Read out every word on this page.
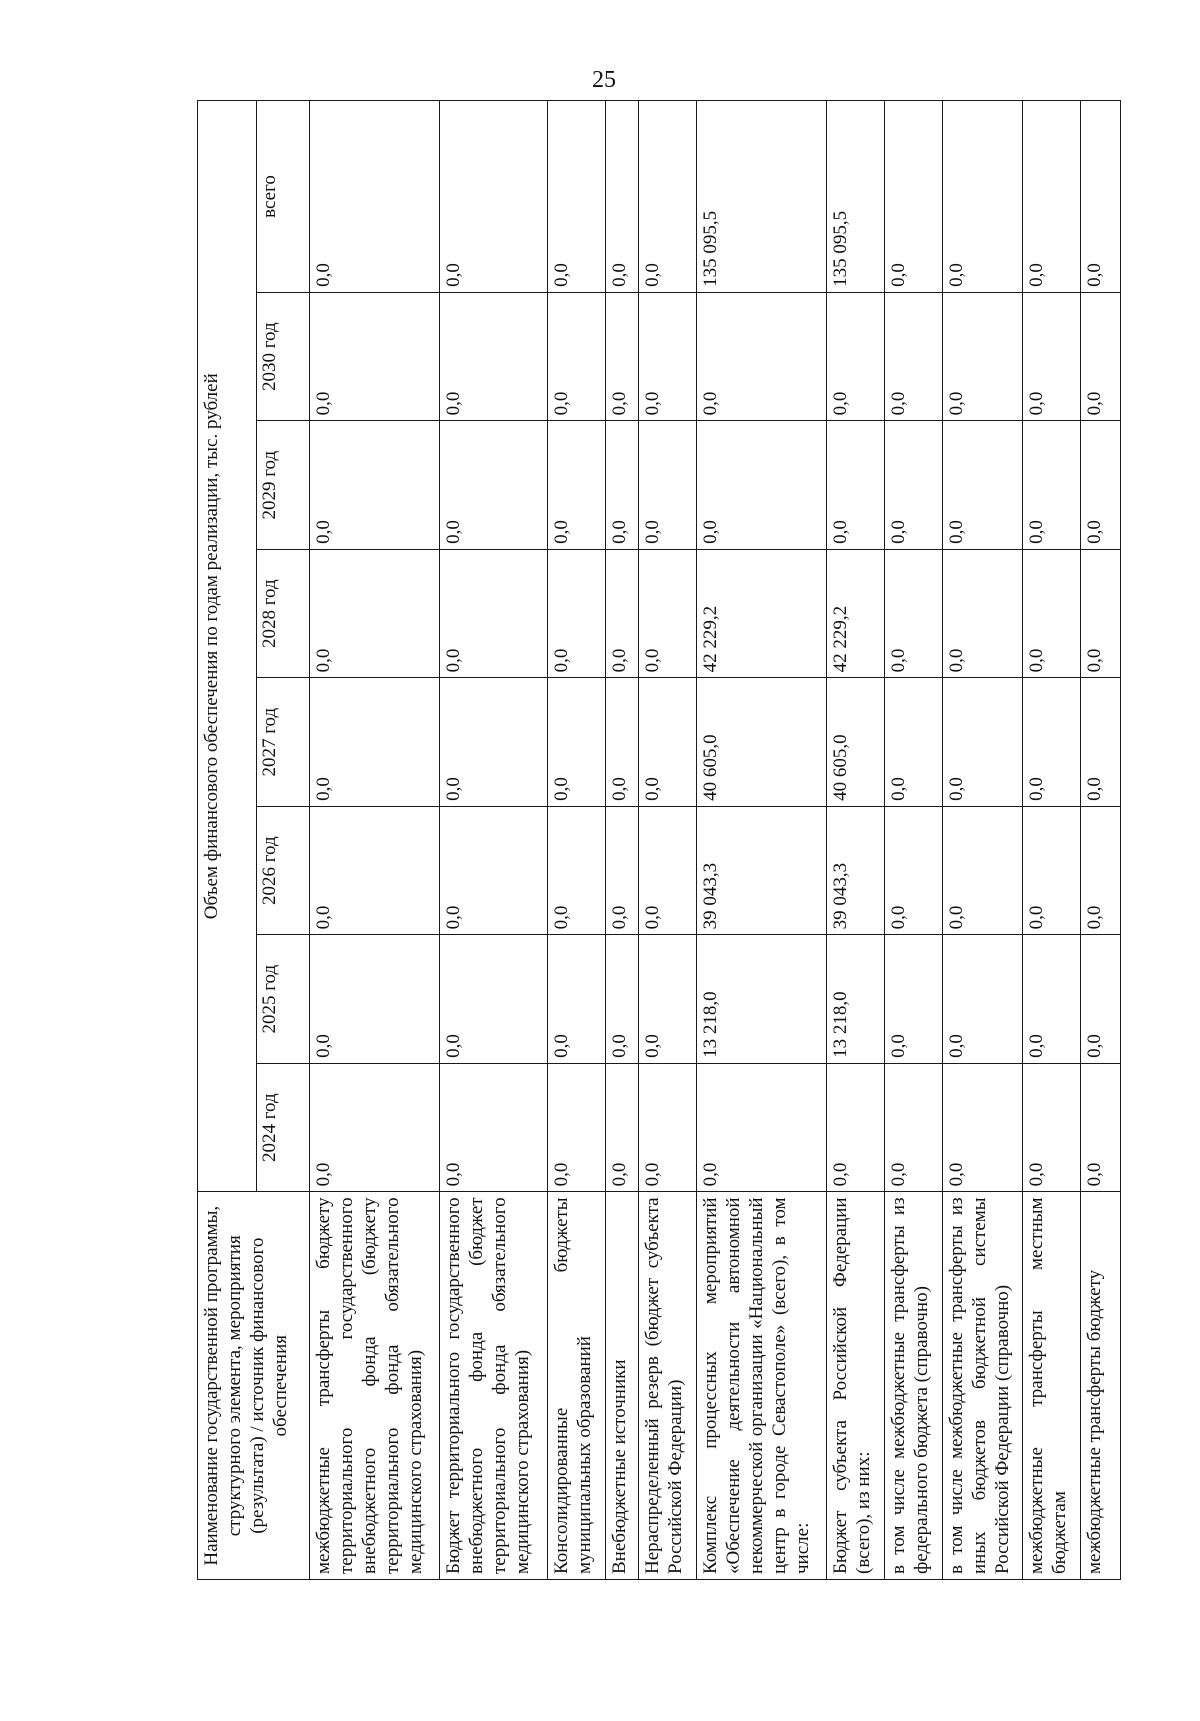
25
Наименование государственной программы, структурного элемента, мероприятия (результата) / источник финансового обеспечения	Объем финансового обеспечения по годам реализации, тыс. рублей							
	2024 год	2025 год	2026 год	2027 год	2028 год	2029 год	2030 год	всего
межбюджетные трансферты бюджету территориального государственного внебюджетного фонда (бюджету территориального фонда обязательного медицинского страхования)	0,0	0,0	0,0	0,0	0,0	0,0	0,0	0,0
Бюджет территориального государственного внебюджетного фонда (бюджет территориального фонда обязательного медицинского страхования)	0,0	0,0	0,0	0,0	0,0	0,0	0,0	0,0
Консолидированные бюджеты муниципальных образований	0,0	0,0	0,0	0,0	0,0	0,0	0,0	0,0
Внебюджетные источники	0,0	0,0	0,0	0,0	0,0	0,0	0,0	0,0
Нераспределенный резерв (бюджет субъекта Российской Федерации)	0,0	0,0	0,0	0,0	0,0	0,0	0,0	0,0
Комплекс процессных мероприятий «Обеспечение деятельности автономной некоммерческой организации «Национальный центр в городе Севастополе» (всего), в том числе:	0,0	13 218,0	39 043,3	40 605,0	42 229,2	0,0	0,0	135 095,5
Бюджет субъекта Российской Федерации (всего), из них:	0,0	13 218,0	39 043,3	40 605,0	42 229,2	0,0	0,0	135 095,5
в том числе межбюджетные трансферты из федерального бюджета (справочно)	0,0	0,0	0,0	0,0	0,0	0,0	0,0	0,0
в том числе межбюджетные трансферты из иных бюджетов бюджетной системы Российской Федерации (справочно)	0,0	0,0	0,0	0,0	0,0	0,0	0,0	0,0
межбюджетные трансферты местным бюджетам	0,0	0,0	0,0	0,0	0,0	0,0	0,0	0,0
межбюджетные трансферты бюджету	0,0	0,0	0,0	0,0	0,0	0,0	0,0	0,0
